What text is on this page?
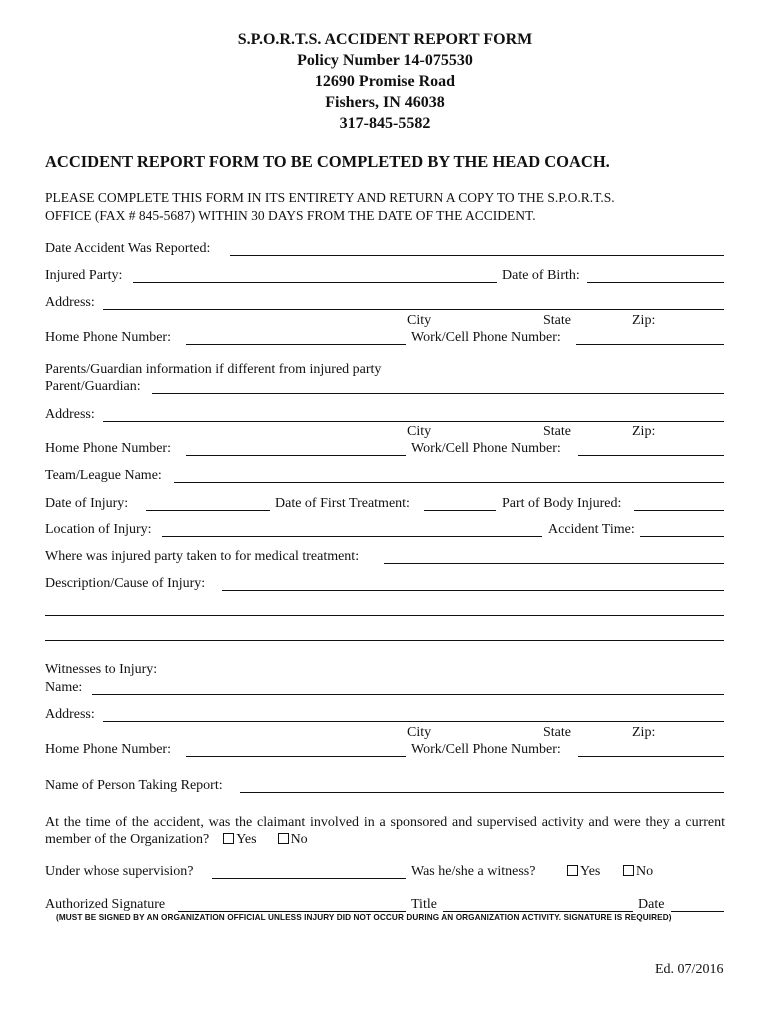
S.P.O.R.T.S. ACCIDENT REPORT FORM
Policy Number 14-075530
12690 Promise Road
Fishers, IN 46038
317-845-5582
ACCIDENT REPORT FORM TO BE COMPLETED BY THE HEAD COACH.
PLEASE COMPLETE THIS FORM IN ITS ENTIRETY AND RETURN A COPY TO THE S.P.O.R.T.S.
OFFICE (FAX # 845-5687) WITHIN 30 DAYS FROM THE DATE OF THE ACCIDENT.
Date Accident Was Reported:
Injured Party:	Date of Birth:
Address:
City	State	Zip:
Home Phone Number:	Work/Cell Phone Number:
Parents/Guardian information if different from injured party
Parent/Guardian:
Address:
City	State	Zip:
Home Phone Number:	Work/Cell Phone Number:
Team/League Name:
Date of Injury:	Date of First Treatment:	Part of Body Injured:
Location of Injury:	Accident Time:
Where was injured party taken to for medical treatment:
Description/Cause of Injury:
Witnesses to Injury:
Name:
Address:
City	State	Zip:
Home Phone Number:	Work/Cell Phone Number:
Name of Person Taking Report:
At the time of the accident, was the claimant involved in a sponsored and supervised activity and were they a current member of the Organization? Yes No
Under whose supervision?	Was he/she a witness?	Yes	No
Authorized Signature	Title	Date
(MUST BE SIGNED BY AN ORGANIZATION OFFICIAL UNLESS INJURY DID NOT OCCUR DURING AN ORGANIZATION ACTIVITY. SIGNATURE IS REQUIRED)
Ed. 07/2016
